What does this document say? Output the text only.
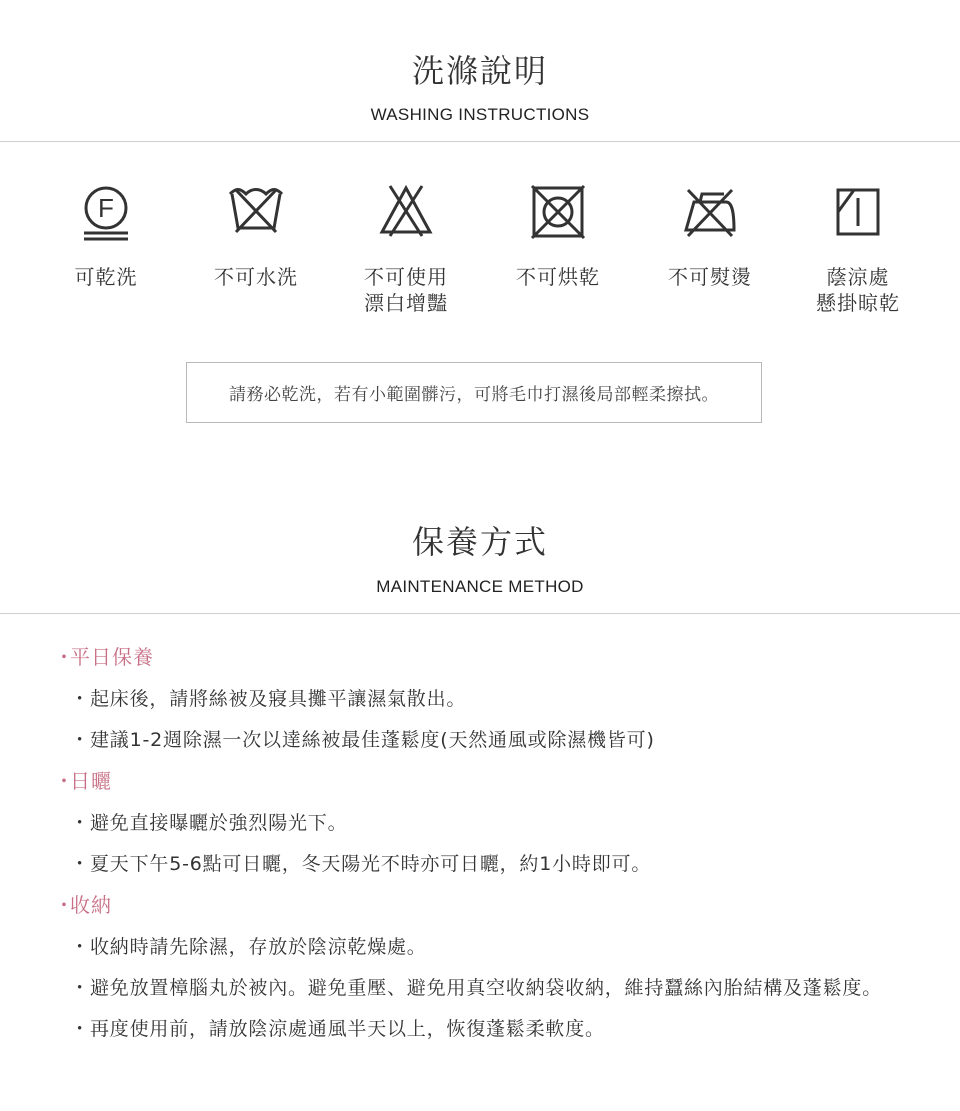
洗滌說明
WASHING INSTRUCTIONS
F
可乾洗	不可水洗	不可使用
漂白增豔
不可烘乾	不可熨燙	蔭涼處
懸掛晾乾
請務必乾洗，若有小範圍髒污，可將毛巾打濕後局部輕柔擦拭。
保養方式
MAINTENANCE METHOD
・平日保養
・起床後，請將絲被及寢具攤平讓濕氣散出。
・建議1-2週除濕一次以達絲被最佳蓬鬆度(天然通風或除濕機皆可)
・日曬
・避免直接曝曬於強烈陽光下。
・夏天下午5-6點可日曬，冬天陽光不時亦可日曬，約1小時即可。
・收納
・收納時請先除濕，存放於陰涼乾燥處。
・避免放置樟腦丸於被內。避免重壓、避免用真空收納袋收納，維持蠶絲內胎結構及蓬鬆度。
・再度使用前，請放陰涼處通風半天以上，恢復蓬鬆柔軟度。
